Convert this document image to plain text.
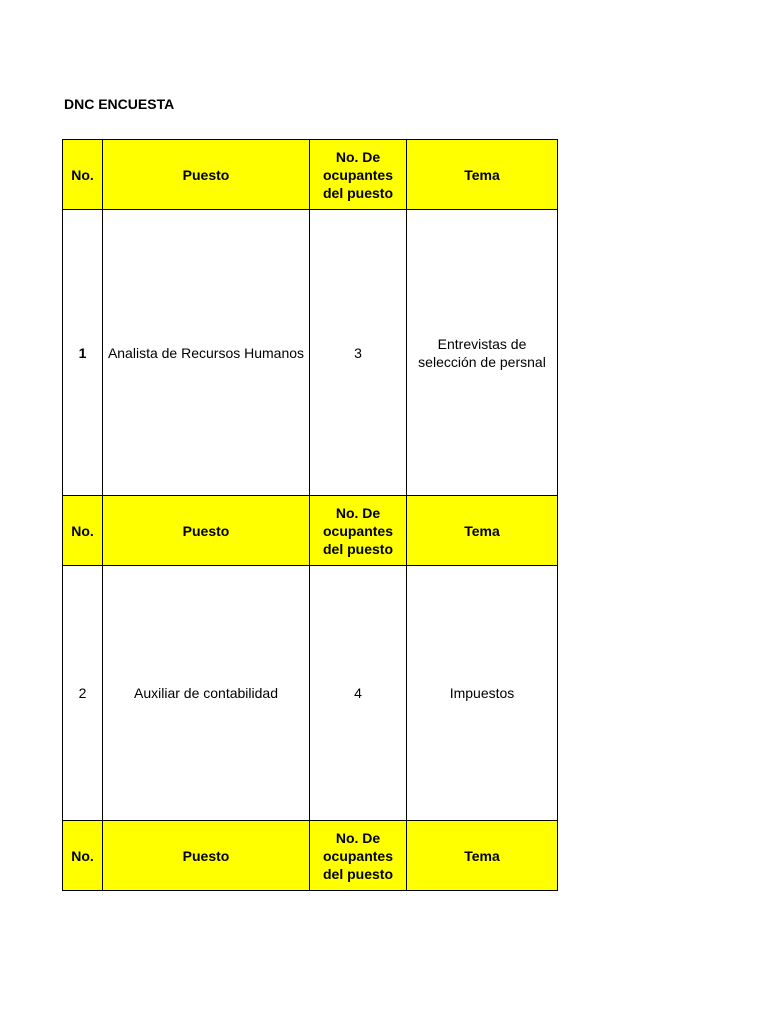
DNC ENCUESTA
No.	Puesto	No. De ocupantes del puesto	Tema
1	Analista de Recursos Humanos	3	Entrevistas de selección de persnal
No.	Puesto	No. De ocupantes del puesto	Tema
2	Auxiliar de contabilidad	4	Impuestos
No.	Puesto	No. De ocupantes del puesto	Tema
